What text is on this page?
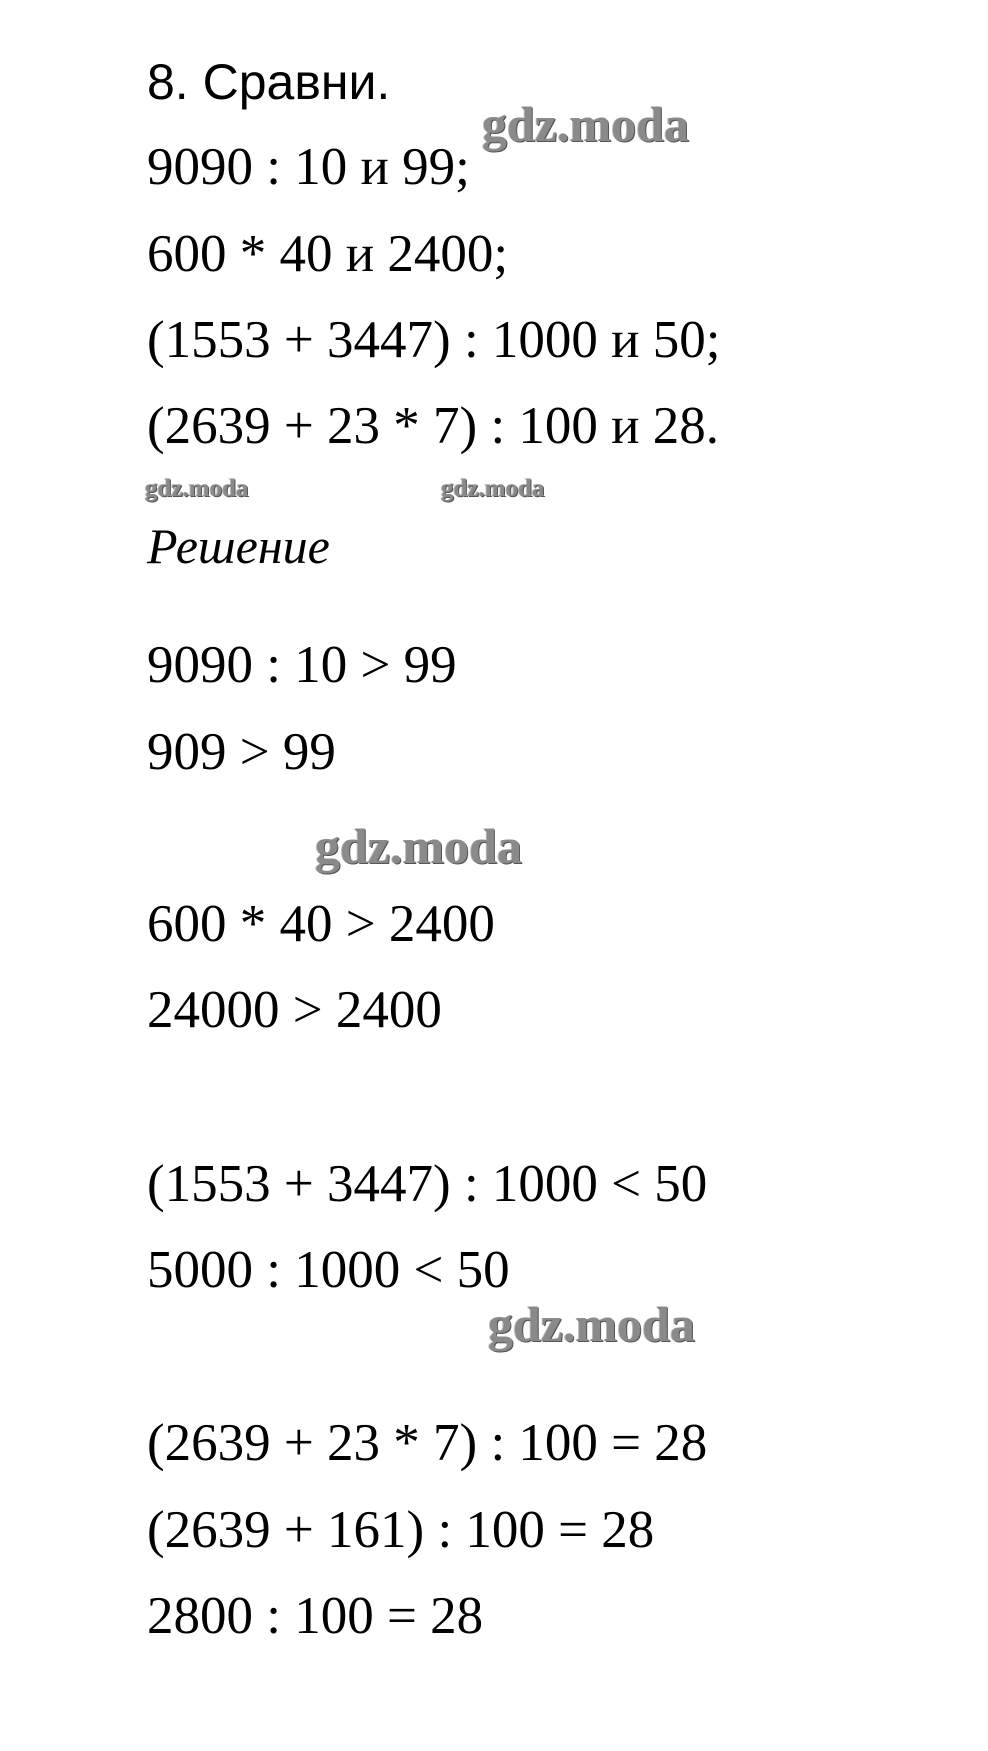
8. Сравни.
9090 : 10 и 99;
600 * 40 и 2400;
(1553 + 3447) : 1000 и 50;
(2639 + 23 * 7) : 100 и 28.
Решение
9090 : 10 > 99
909 > 99
600 * 40 > 2400
24000 > 2400
(1553 + 3447) : 1000 < 50
5000 : 1000 < 50
(2639 + 23 * 7) : 100 = 28
(2639 + 161) : 100 = 28
2800 : 100 = 28
gdz.moda
gdz.moda	gdz.moda
gdz.moda
gdz.moda
